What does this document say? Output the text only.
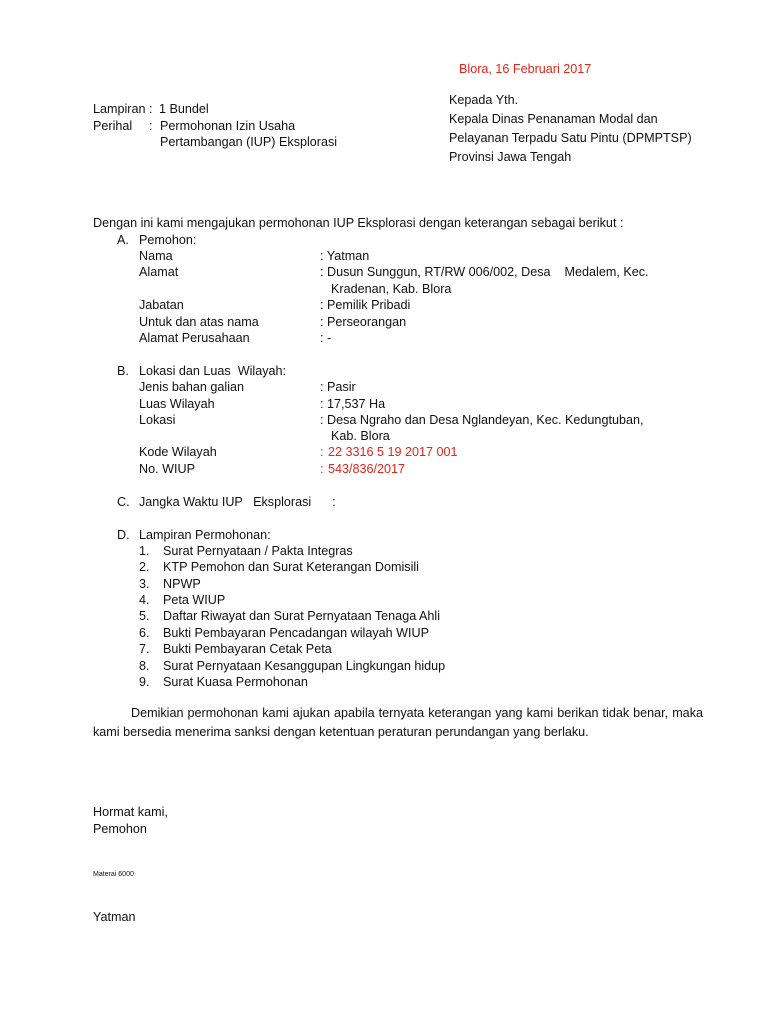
Blora, 16 Februari 2017
Kepada Yth.
Kepala Dinas Penanaman Modal dan
Pelayanan Terpadu Satu Pintu (DPMPTSP)
Provinsi Jawa Tengah
Lampiran : 1 Bundel
Perihal : Permohonan Izin Usaha
Pertambangan (IUP) Eksplorasi
Dengan ini kami mengajukan permohonan IUP Eksplorasi dengan keterangan sebagai berikut :
A. Pemohon:
Nama	: Yatman
Alamat	: Dusun Sunggun, RT/RW 006/002, Desa    Medalem, Kec.
Kradenan, Kab. Blora
Jabatan	: Pemilik Pribadi
Untuk dan atas nama	: Perseorangan
Alamat Perusahaan	: -
B. Lokasi dan Luas  Wilayah:
Jenis bahan galian	: Pasir
Luas Wilayah	: 17,537 Ha
Lokasi	: Desa Ngraho dan Desa Nglandeyan, Kec. Kedungtuban,
Kab. Blora
Kode Wilayah	: 22 3316 5 19 2017 001
No. WIUP	: 543/836/2017
C. Jangka Waktu IUP   Eksplorasi      :
D. Lampiran Permohonan:
1. Surat Pernyataan / Pakta Integras
2. KTP Pemohon dan Surat Keterangan Domisili
3. NPWP
4. Peta WIUP
5. Daftar Riwayat dan Surat Pernyataan Tenaga Ahli
6. Bukti Pembayaran Pencadangan wilayah WIUP
7. Bukti Pembayaran Cetak Peta
8. Surat Pernyataan Kesanggupan Lingkungan hidup
9. Surat Kuasa Permohonan
Demikian permohonan kami ajukan apabila ternyata keterangan yang kami berikan tidak benar, maka kami bersedia menerima sanksi dengan ketentuan peraturan perundangan yang berlaku.
Hormat kami,
Pemohon
Materai 6000
Yatman
